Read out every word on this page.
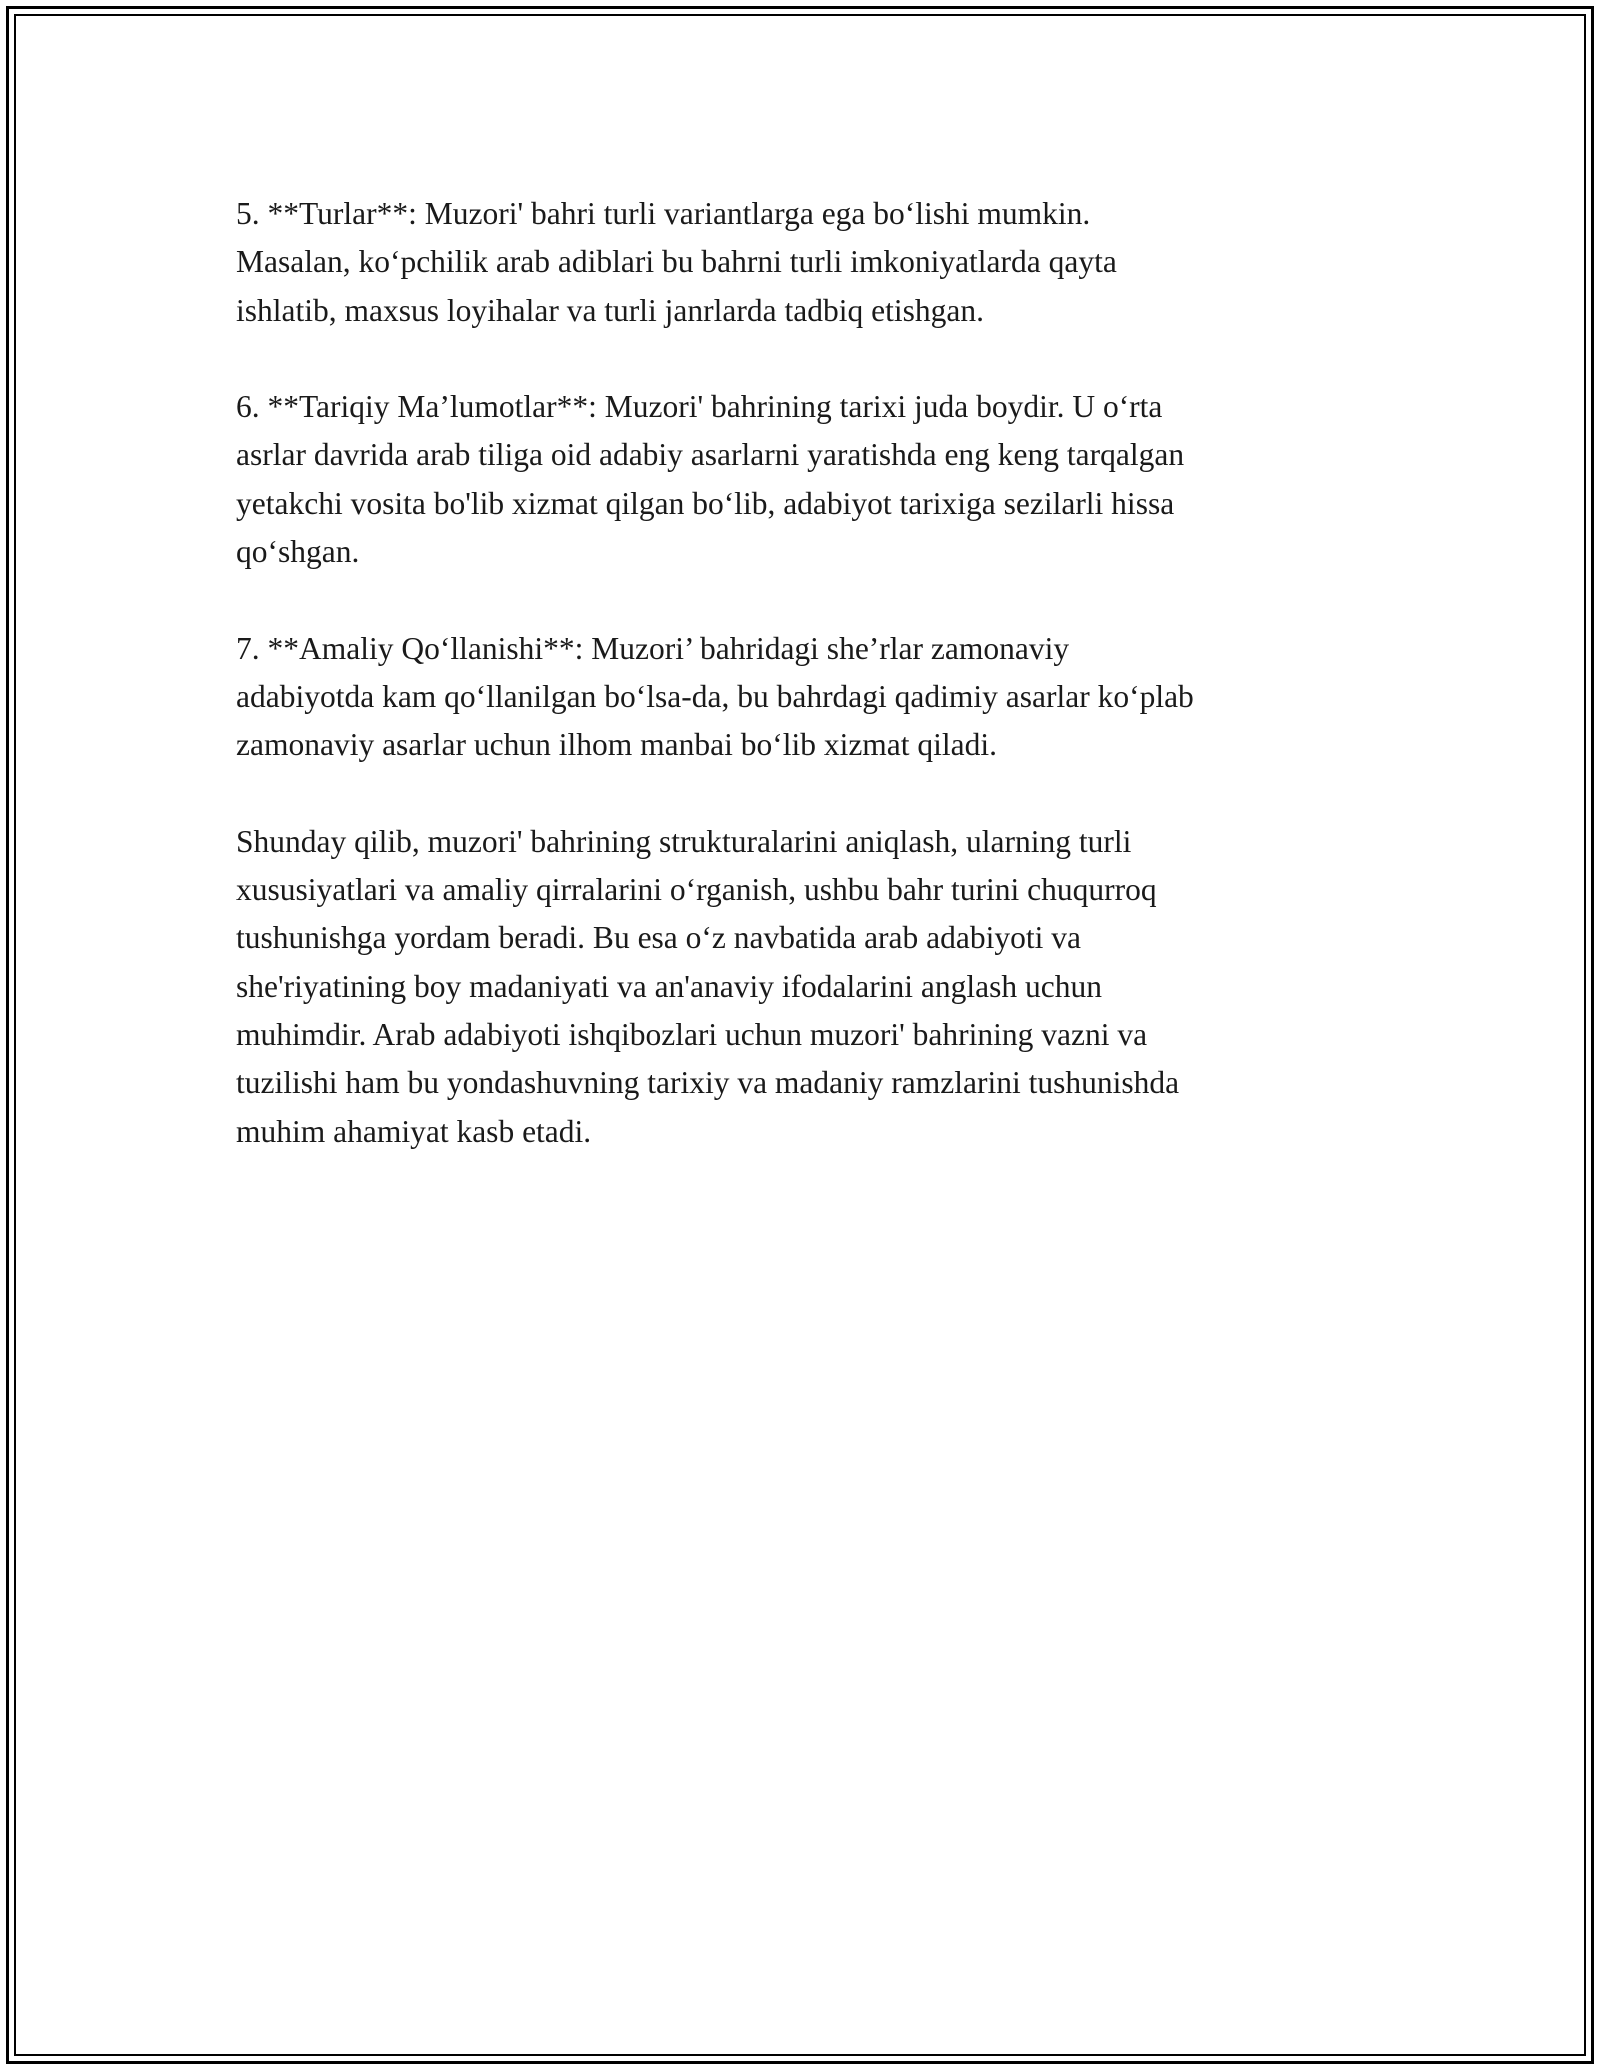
5. **Turlar**: Muzori' bahri turli variantlarga ega bo‘lishi mumkin.
Masalan, ko‘pchilik arab adiblari bu bahrni turli imkoniyatlarda qayta
ishlatib, maxsus loyihalar va turli janrlarda tadbiq etishgan.

6. **Tariqiy Ma’lumotlar**: Muzori' bahrining tarixi juda boydir. U o‘rta
asrlar davrida arab tiliga oid adabiy asarlarni yaratishda eng keng tarqalgan
yetakchi vosita bo'lib xizmat qilgan bo‘lib, adabiyot tarixiga sezilarli hissa
qo‘shgan.

7. **Amaliy Qo‘llanishi**: Muzori’ bahridagi she’rlar zamonaviy
adabiyotda kam qo‘llanilgan bo‘lsa-da, bu bahrdagi qadimiy asarlar ko‘plab
zamonaviy asarlar uchun ilhom manbai bo‘lib xizmat qiladi.

Shunday qilib, muzori' bahrining strukturalarini aniqlash, ularning turli
xususiyatlari va amaliy qirralarini o‘rganish, ushbu bahr turini chuqurroq
tushunishga yordam beradi. Bu esa o‘z navbatida arab adabiyoti va
she'riyatining boy madaniyati va an'anaviy ifodalarini anglash uchun
muhimdir. Arab adabiyoti ishqibozlari uchun muzori' bahrining vazni va
tuzilishi ham bu yondashuvning tarixiy va madaniy ramzlarini tushunishda
muhim ahamiyat kasb etadi.
